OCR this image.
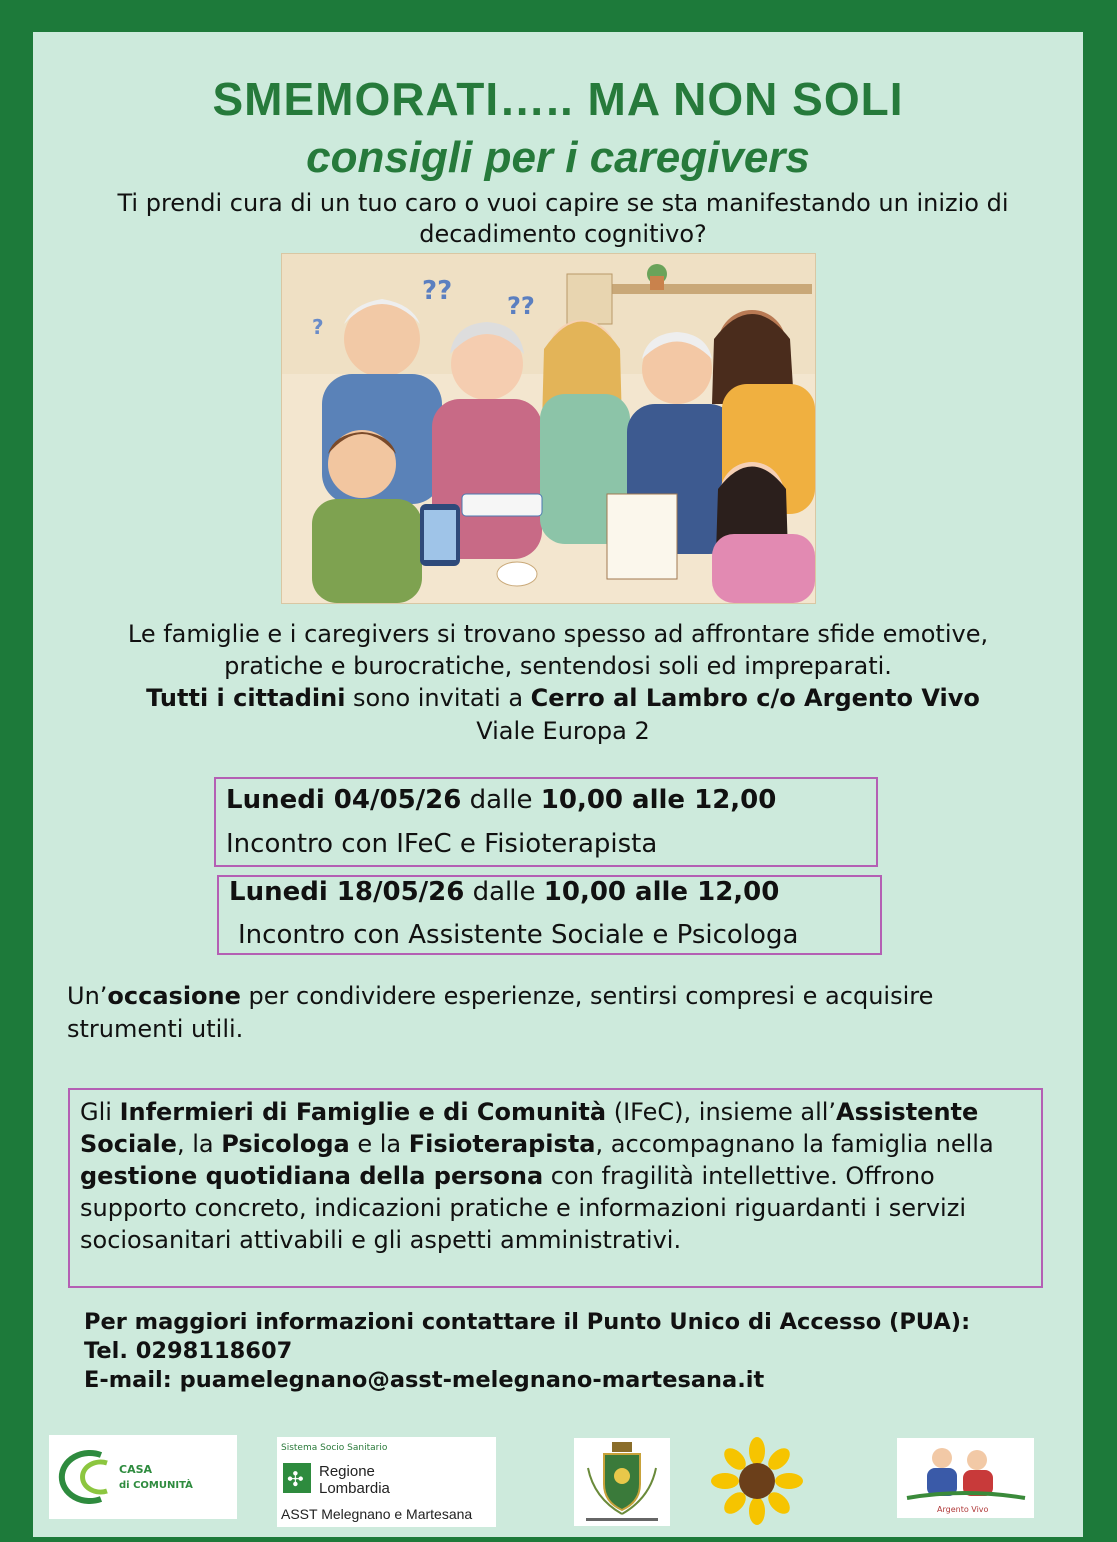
SMEMORATI….. MA NON SOLI
consigli per i caregivers
Ti prendi cura di un tuo caro o vuoi capire se sta manifestando un inizio di decadimento cognitivo?
?? ??
?
Le famiglie e i caregivers si trovano spesso ad affrontare sfide emotive,
pratiche e burocratiche, sentendosi soli ed impreparati.
Tutti i cittadini sono invitati a Cerro al Lambro c/o Argento Vivo
Viale Europa 2
Lunedi 04/05/26 dalle 10,00 alle 12,00
Incontro con IFeC e Fisioterapista
Lunedi 18/05/26 dalle 10,00 alle 12,00
Incontro con Assistente Sociale e Psicologa
Un’occasione per condividere esperienze, sentirsi compresi e acquisire strumenti utili.
Gli Infermieri di Famiglie e di Comunità (IFeC), insieme all’Assistente Sociale, la Psicologa e la Fisioterapista, accompagnano la famiglia nella gestione quotidiana della persona con fragilità intellettive. Offrono supporto concreto, indicazioni pratiche e informazioni riguardanti i servizi sociosanitari attivabili e gli aspetti amministrativi.
Per maggiori informazioni contattare il Punto Unico di Accesso (PUA):
Tel. 0298118607
E-mail: puamelegnano@asst-melegnano-martesana.it
CASA
di COMUNITÀ
Sistema Socio Sanitario
✣ Regione
Lombardia
ASST Melegnano e Martesana	Argento Vivo
